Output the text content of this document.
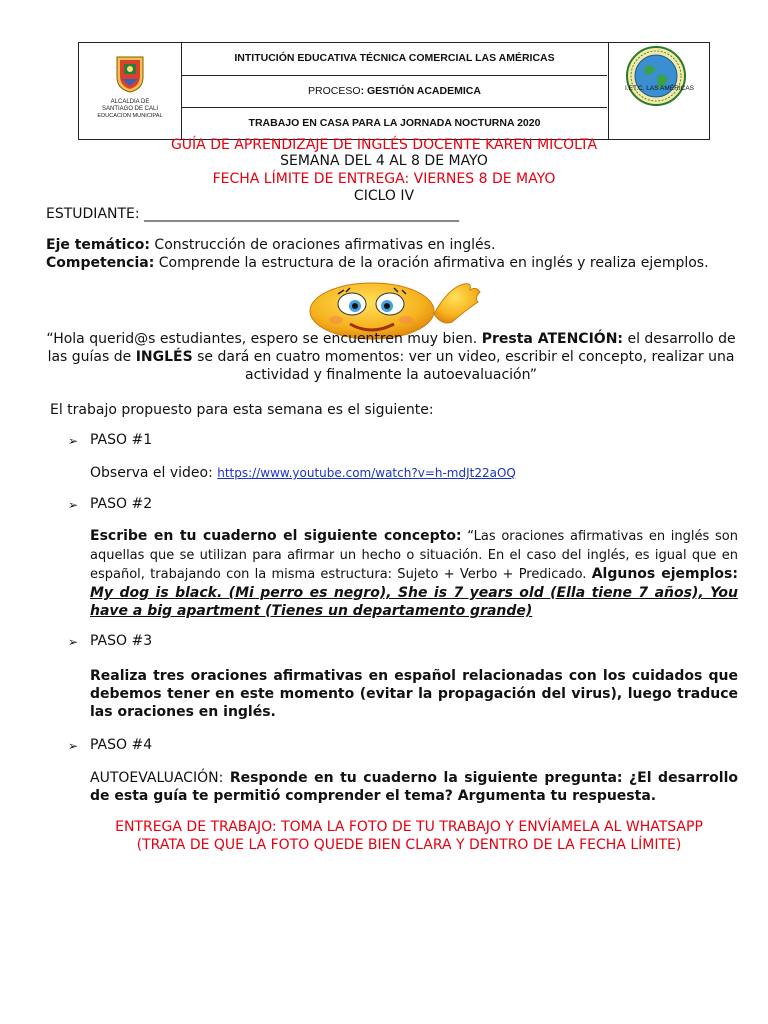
ALCALDIA DE
SANTIAGO DE CALI
EDUCACION MUNICIPAL
INTITUCIÓN EDUCATIVA TÉCNICA COMERCIAL LAS AMÉRICAS
PROCESO: GESTIÓN ACADEMICA
TRABAJO EN CASA PARA LA JORNADA NOCTURNA 2020
I.ET.C. LAS AMÉRICAS
GUÍA DE APRENDIZAJE DE INGLÉS DOCENTE KAREN MICOLTA
SEMANA DEL 4 AL 8 DE MAYO
FECHA LÍMITE DE ENTREGA: VIERNES 8 DE MAYO
CICLO IV
ESTUDIANTE: _____________________________________________
Eje temático: Construcción de oraciones afirmativas en inglés.
Competencia: Comprende la estructura de la oración afirmativa en inglés y realiza ejemplos.
“Hola querid@s estudiantes, espero se encuentren muy bien. Presta ATENCIÓN: el desarrollo de las guías de INGLÉS se dará en cuatro momentos: ver un video, escribir el concepto, realizar una actividad y finalmente la autoevaluación”
El trabajo propuesto para esta semana es el siguiente:
➢ PASO #1
Observa el video: https://www.youtube.com/watch?v=h-mdJt22aOQ
➢ PASO #2
Escribe en tu cuaderno el siguiente concepto: “Las oraciones afirmativas en inglés son aquellas que se utilizan para afirmar un hecho o situación. En el caso del inglés, es igual que en español, trabajando con la misma estructura: Sujeto + Verbo + Predicado. Algunos ejemplos: My dog is black. (Mi perro es negro), She is 7 years old (Ella tiene 7 años), You have a big apartment (Tienes un departamento grande)
➢ PASO #3
Realiza tres oraciones afirmativas en español relacionadas con los cuidados que debemos tener en este momento (evitar la propagación del virus), luego traduce las oraciones en inglés.
➢ PASO #4
AUTOEVALUACIÓN: Responde en tu cuaderno la siguiente pregunta: ¿El desarrollo de esta guía te permitió comprender el tema? Argumenta tu respuesta.
ENTREGA DE TRABAJO: TOMA LA FOTO DE TU TRABAJO Y ENVÍAMELA AL WHATSAPP
(TRATA DE QUE LA FOTO QUEDE BIEN CLARA Y DENTRO DE LA FECHA LÍMITE)
